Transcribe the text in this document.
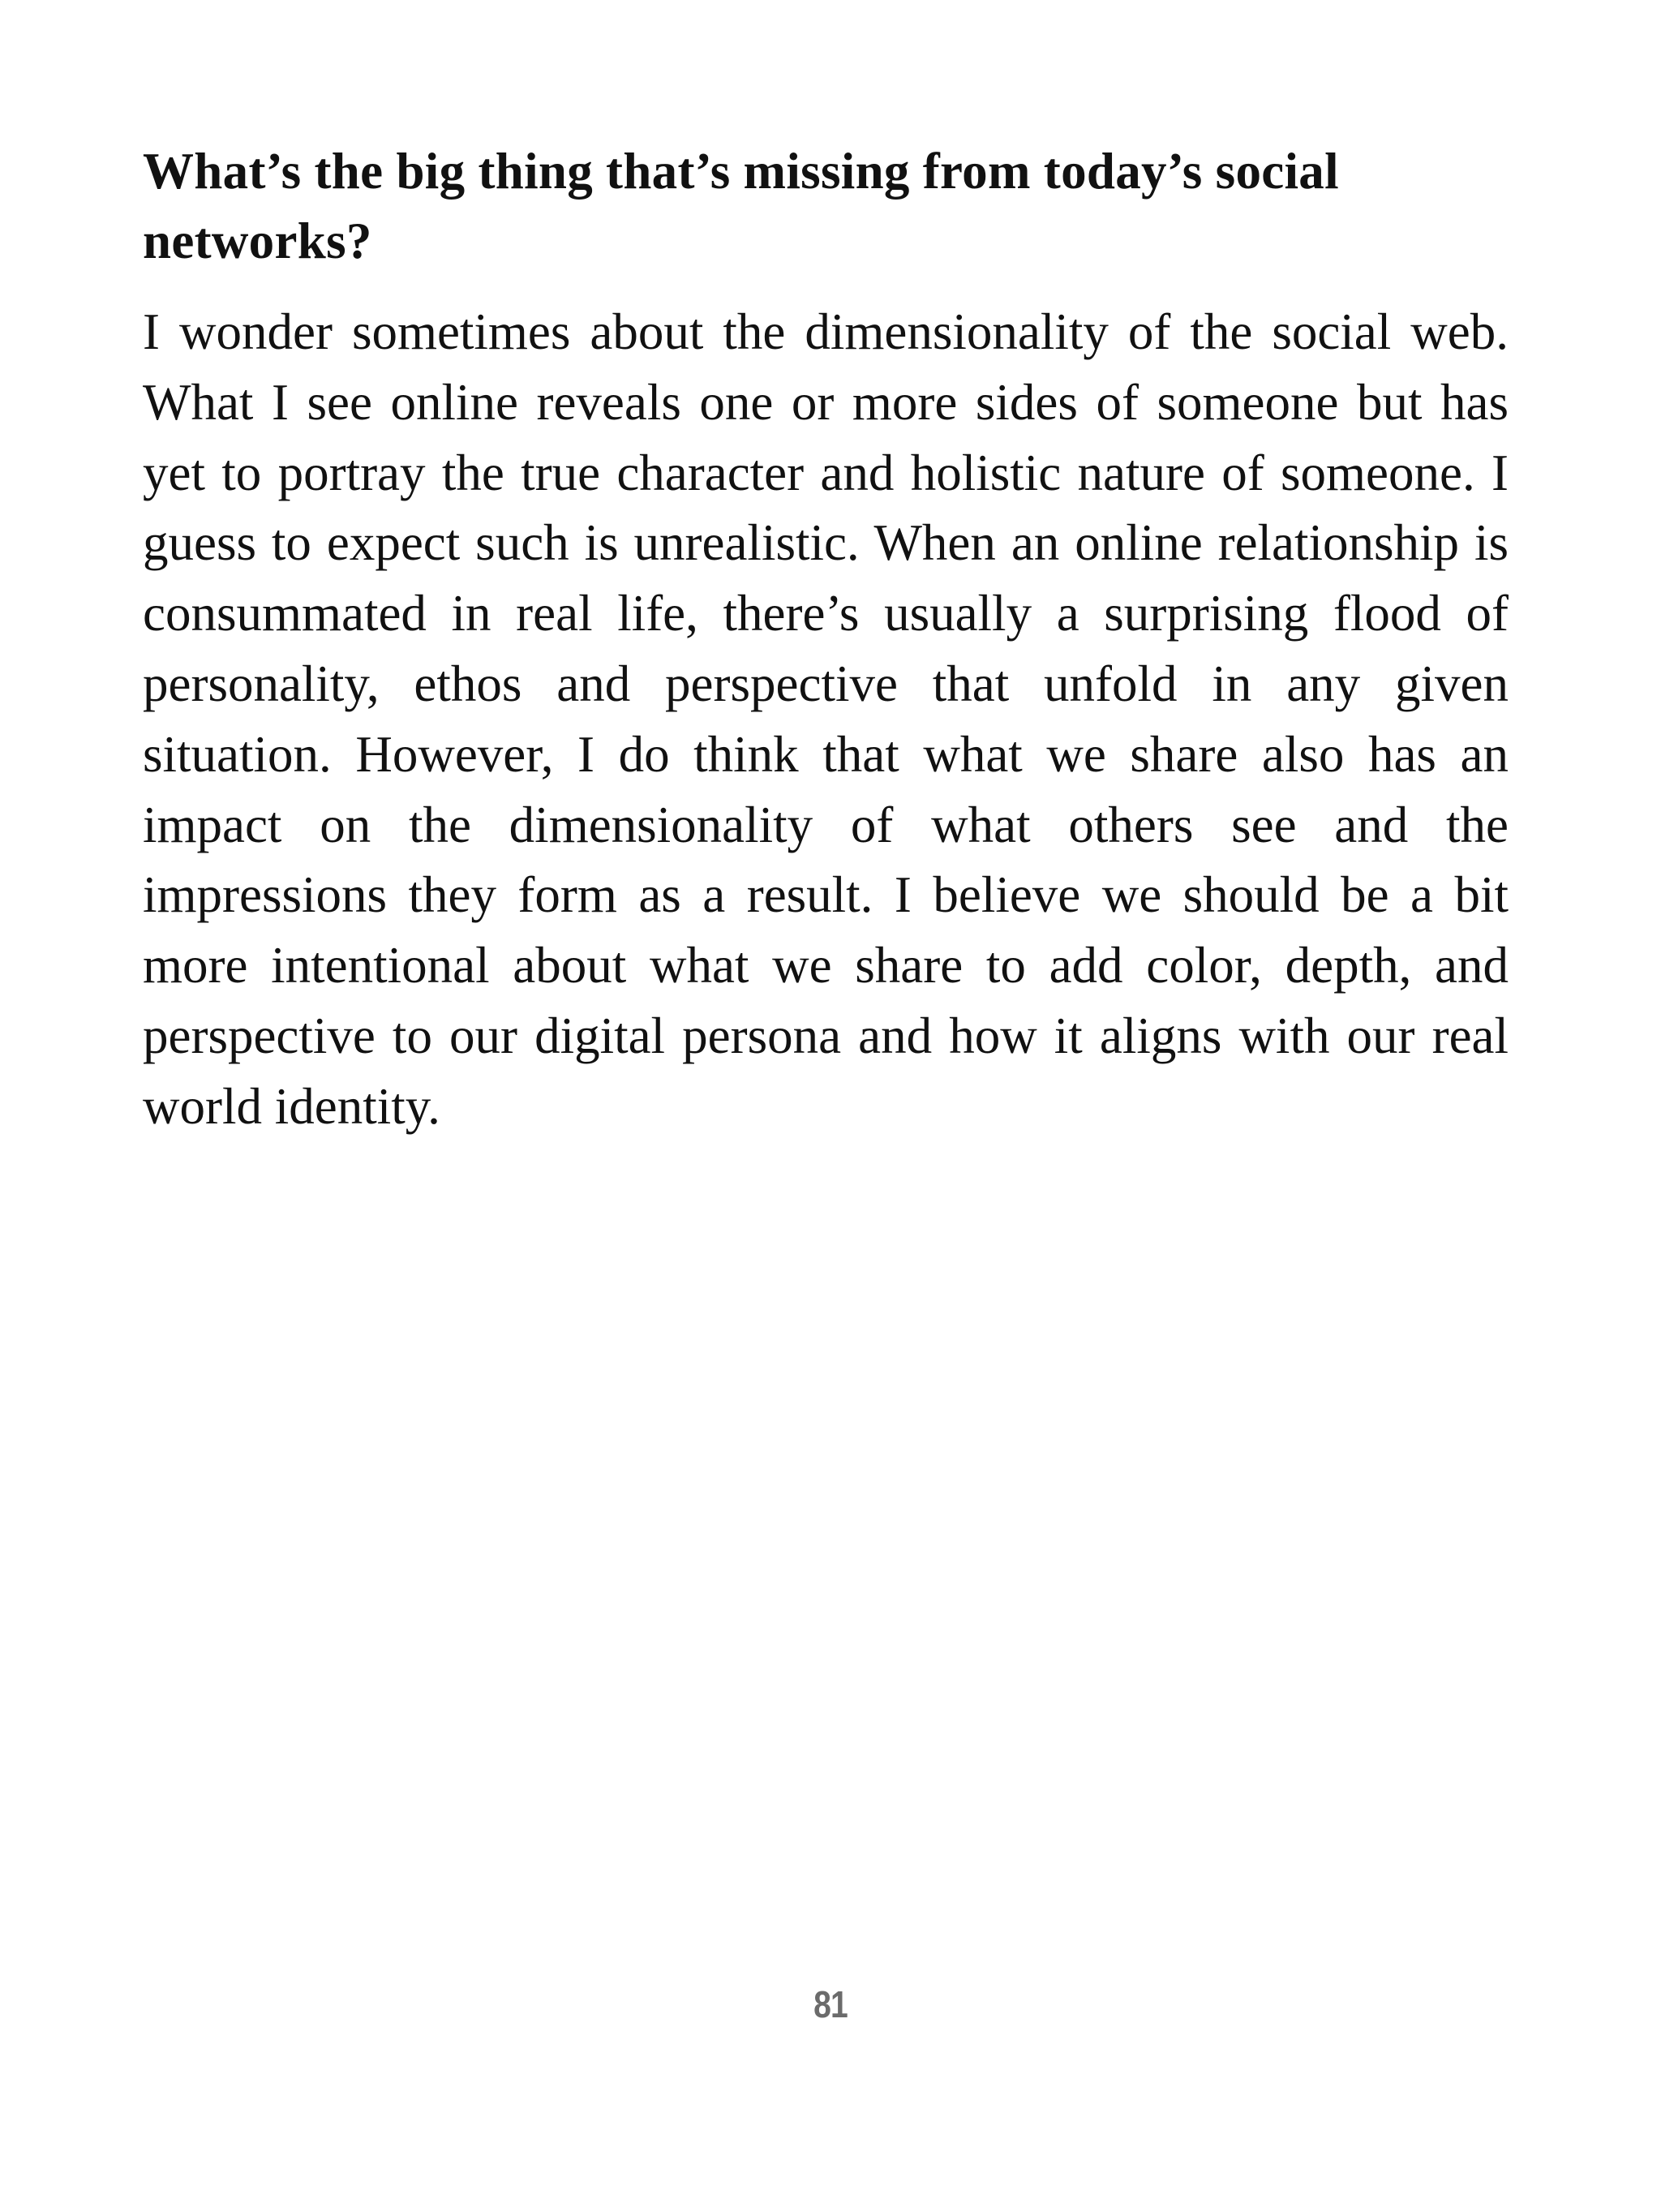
What’s the big thing that’s missing from today’s social networks?

I wonder sometimes about the dimensionality of the social web. What I see online reveals one or more sides of someone but has yet to portray the true character and holistic nature of someone. I guess to expect such is unrealistic. When an online relationship is consummated in real life, there’s usually a surprising flood of personality, ethos and perspective that unfold in any given situation. However, I do think that what we share also has an impact on the dimensionality of what others see and the impressions they form as a result. I believe we should be a bit more intentional about what we share to add color, depth, and perspective to our digital persona and how it aligns with our real world identity.

81
